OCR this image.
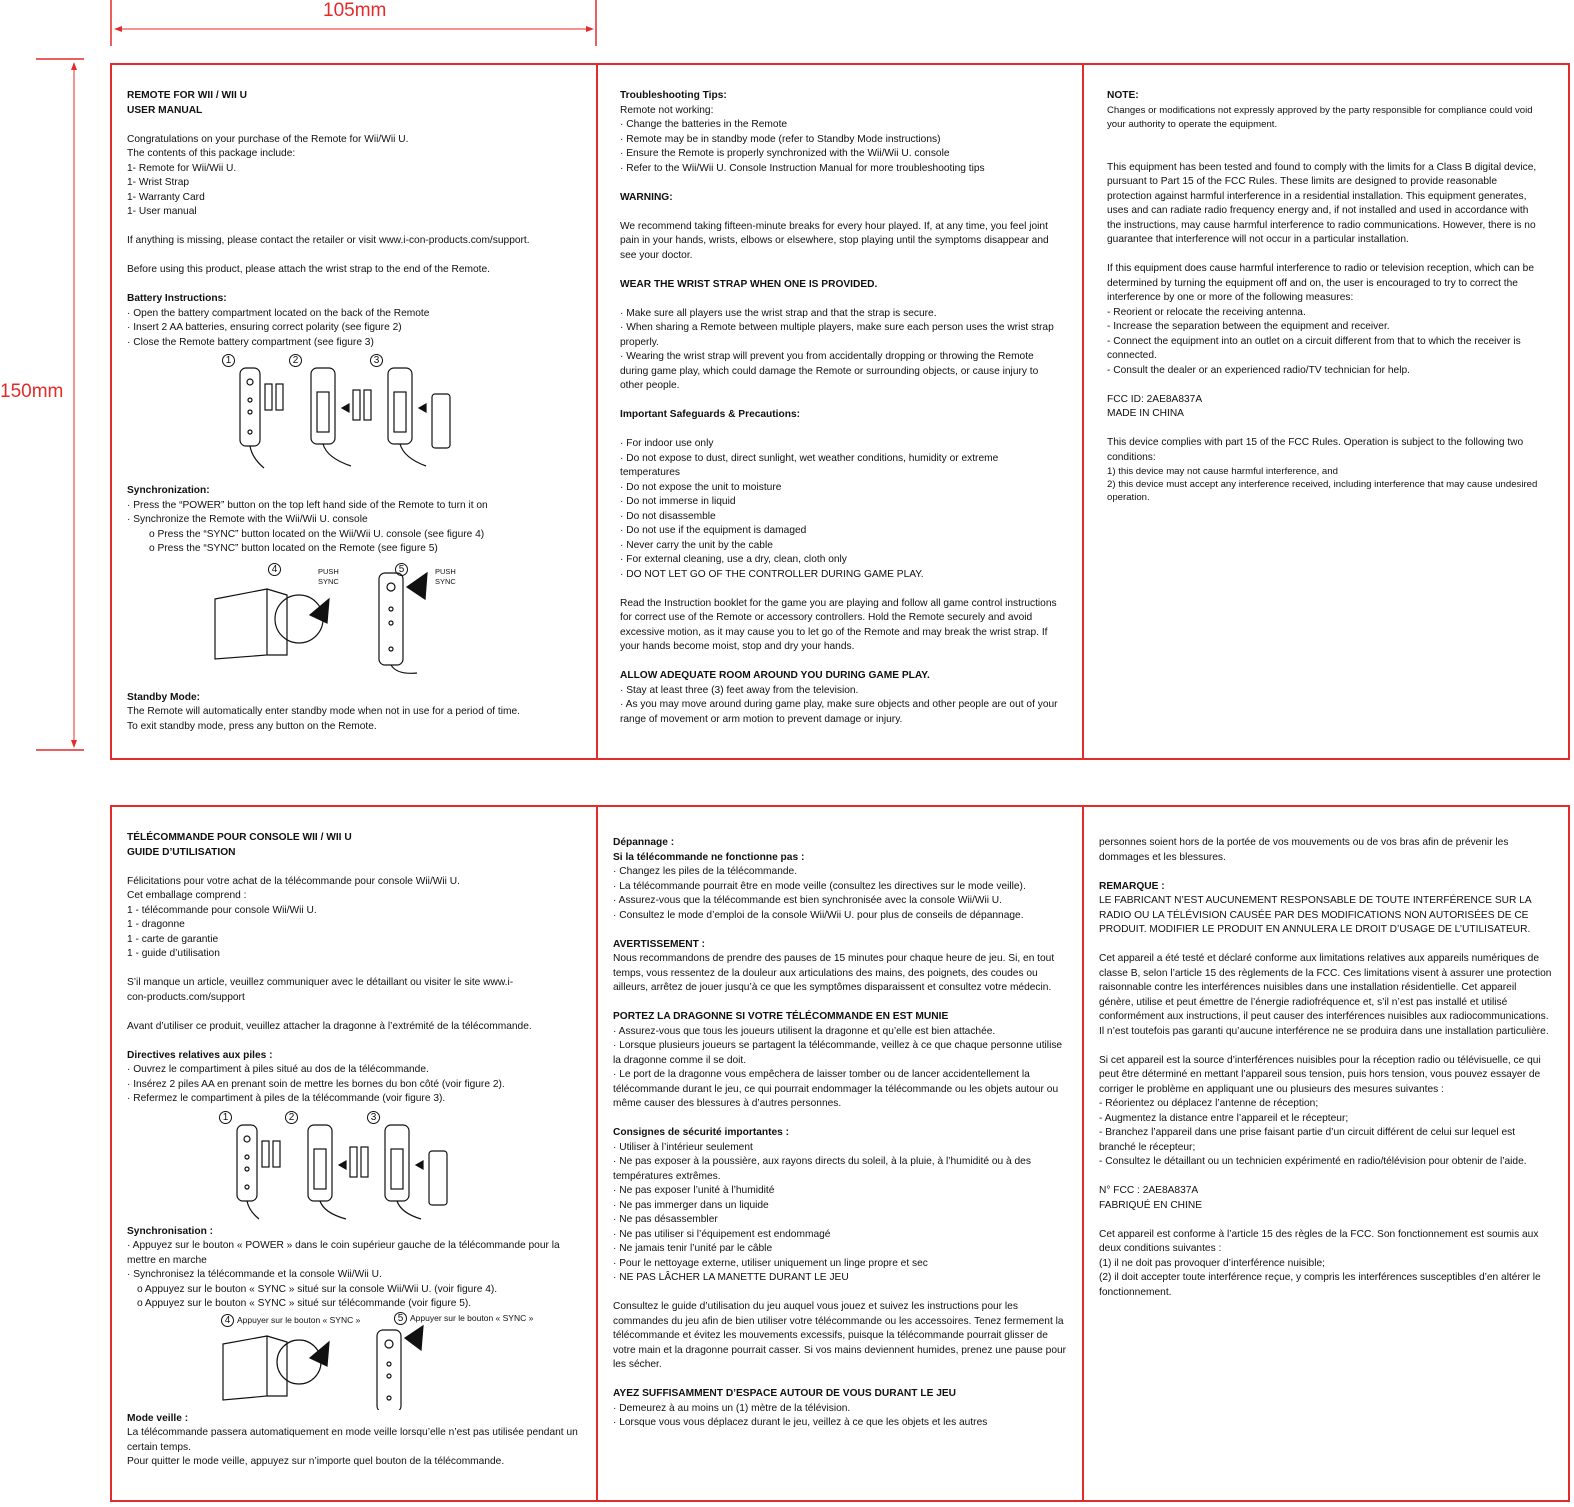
105mm
150mm

REMOTE FOR WII / WII U

USER MANUAL

Congratulations on your purchase of the Remote for Wii/Wii U.

The contents of this package include:

1- Remote for Wii/Wii U.

1- Wrist Strap

1- Warranty Card

1- User manual

If anything is missing, please contact the retailer or visit www.i-con-products.com/support.

Before using this product, please attach the wrist strap to the end of the Remote.

Battery Instructions:

· Open the battery compartment located on the back of the Remote

· Insert 2 AA batteries, ensuring correct polarity (see figure 2)

· Close the Remote battery compartment (see figure 3)

1	2	3

Synchronization:

· Press the “POWER” button on the top left hand side of the Remote to turn it on

· Synchronize the Remote with the Wii/Wii U. console

o Press the “SYNC” button located on the Wii/Wii U. console (see figure 4)

o Press the “SYNC” button located on the Remote (see figure 5)

4	5
PUSH
SYNC
PUSH
SYNC

Standby Mode:

The Remote will automatically enter standby mode when not in use for a period of time.

To exit standby mode, press any button on the Remote.

Troubleshooting Tips:

Remote not working:

· Change the batteries in the Remote

· Remote may be in standby mode (refer to Standby Mode instructions)

· Ensure the Remote is properly synchronized with the Wii/Wii U. console

· Refer to the Wii/Wii U. Console Instruction Manual for more troubleshooting tips

WARNING:

We recommend taking fifteen-minute breaks for every hour played. If, at any time, you feel joint pain in your hands, wrists, elbows or elsewhere, stop playing until the symptoms disappear and see your doctor.

WEAR THE WRIST STRAP WHEN ONE IS PROVIDED.

· Make sure all players use the wrist strap and that the strap is secure.

· When sharing a Remote between multiple players, make sure each person uses the wrist strap properly.

· Wearing the wrist strap will prevent you from accidentally dropping or throwing the Remote during game play, which could damage the Remote or surrounding objects, or cause injury to other people.

Important Safeguards & Precautions:

· For indoor use only

· Do not expose to dust, direct sunlight, wet weather conditions, humidity or extreme temperatures

· Do not expose the unit to moisture

· Do not immerse in liquid

· Do not disassemble

· Do not use if the equipment is damaged

· Never carry the unit by the cable

· For external cleaning, use a dry, clean, cloth only

· DO NOT LET GO OF THE CONTROLLER DURING GAME PLAY.

Read the Instruction booklet for the game you are playing and follow all game control instructions for correct use of the Remote or accessory controllers. Hold the Remote securely and avoid excessive motion, as it may cause you to let go of the Remote and may break the wrist strap. If your hands become moist, stop and dry your hands.

ALLOW ADEQUATE ROOM AROUND YOU DURING GAME PLAY.

· Stay at least three (3) feet away from the television.

· As you may move around during game play, make sure objects and other people are out of your range of movement or arm motion to prevent damage or injury.

NOTE:

Changes or modifications not expressly approved by the party responsible for compliance could void your authority to operate the equipment.

This equipment has been tested and found to comply with the limits for a Class B digital device, pursuant to Part 15 of the FCC Rules. These limits are designed to provide reasonable protection against harmful interference in a residential installation. This equipment generates, uses and can radiate radio frequency energy and, if not installed and used in accordance with the instructions, may cause harmful interference to radio communications. However, there is no guarantee that interference will not occur in a particular installation.

If this equipment does cause harmful interference to radio or television reception, which can be determined by turning the equipment off and on, the user is encouraged to try to correct the interference by one or more of the following measures:

- Reorient or relocate the receiving antenna.

- Increase the separation between the equipment and receiver.

- Connect the equipment into an outlet on a circuit different from that to which the receiver is connected.

- Consult the dealer or an experienced radio/TV technician for help.

FCC ID: 2AE8A837A

MADE IN CHINA

This device complies with part 15 of the FCC Rules. Operation is subject to the following two conditions:

1) this device may not cause harmful interference, and

2) this device must accept any interference received, including interference that may cause undesired operation.

TÉLÉCOMMANDE POUR CONSOLE WII / WII U

GUIDE D’UTILISATION

Félicitations pour votre achat de la télécommande pour console Wii/Wii U.

Cet emballage comprend :

1 - télécommande pour console Wii/Wii U.

1 - dragonne

1 - carte de garantie

1 - guide d’utilisation

S’il manque un article, veuillez communiquer avec le détaillant ou visiter le site www.i-con-products.com/support

Avant d’utiliser ce produit, veuillez attacher la dragonne à l’extrémité de la télécommande.

Directives relatives aux piles :

· Ouvrez le compartiment à piles situé au dos de la télécommande.

· Insérez 2 piles AA en prenant soin de mettre les bornes du bon côté (voir figure 2).

· Refermez le compartiment à piles de la télécommande (voir figure 3).

1	2	3

Synchronisation :

· Appuyez sur le bouton « POWER » dans le coin supérieur gauche de la télécommande pour la mettre en marche

· Synchronisez la télécommande et la console Wii/Wii U.

o Appuyez sur le bouton « SYNC » situé sur la console Wii/Wii U. (voir figure 4).

o Appuyez sur le bouton « SYNC » situé sur télécommande (voir figure 5).

4 Appuyer sur le bouton « SYNC »	5 Appuyer sur le bouton « SYNC »

Mode veille :

La télécommande passera automatiquement en mode veille lorsqu’elle n’est pas utilisée pendant un certain temps.

Pour quitter le mode veille, appuyez sur n’importe quel bouton de la télécommande.

Dépannage :

Si la télécommande ne fonctionne pas :

· Changez les piles de la télécommande.

· La télécommande pourrait être en mode veille (consultez les directives sur le mode veille).

· Assurez-vous que la télécommande est bien synchronisée avec la console Wii/Wii U.

· Consultez le mode d’emploi de la console Wii/Wii U. pour plus de conseils de dépannage.

AVERTISSEMENT :

Nous recommandons de prendre des pauses de 15 minutes pour chaque heure de jeu. Si, en tout temps, vous ressentez de la douleur aux articulations des mains, des poignets, des coudes ou ailleurs, arrêtez de jouer jusqu’à ce que les symptômes disparaissent et consultez votre médecin.

PORTEZ LA DRAGONNE SI VOTRE TÉLÉCOMMANDE EN EST MUNIE

· Assurez-vous que tous les joueurs utilisent la dragonne et qu’elle est bien attachée.

· Lorsque plusieurs joueurs se partagent la télécommande, veillez à ce que chaque personne utilise la dragonne comme il se doit.

· Le port de la dragonne vous empêchera de laisser tomber ou de lancer accidentellement la télécommande durant le jeu, ce qui pourrait endommager la télécommande ou les objets autour ou même causer des blessures à d’autres personnes.

Consignes de sécurité importantes :

· Utiliser à l’intérieur seulement

· Ne pas exposer à la poussière, aux rayons directs du soleil, à la pluie, à l’humidité ou à des températures extrêmes.

· Ne pas exposer l’unité à l’humidité

· Ne pas immerger dans un liquide

· Ne pas désassembler

· Ne pas utiliser si l’équipement est endommagé

· Ne jamais tenir l’unité par le câble

· Pour le nettoyage externe, utiliser uniquement un linge propre et sec

· NE PAS LÂCHER LA MANETTE DURANT LE JEU

Consultez le guide d’utilisation du jeu auquel vous jouez et suivez les instructions pour les commandes du jeu afin de bien utiliser votre télécommande ou les accessoires. Tenez fermement la télécommande et évitez les mouvements excessifs, puisque la télécommande pourrait glisser de votre main et la dragonne pourrait casser. Si vos mains deviennent humides, prenez une pause pour les sécher.

AYEZ SUFFISAMMENT D’ESPACE AUTOUR DE VOUS DURANT LE JEU

· Demeurez à au moins un (1) mètre de la télévision.

· Lorsque vous vous déplacez durant le jeu, veillez à ce que les objets et les autres

personnes soient hors de la portée de vos mouvements ou de vos bras afin de prévenir les dommages et les blessures.

REMARQUE :

LE FABRICANT N’EST AUCUNEMENT RESPONSABLE DE TOUTE INTERFÉRENCE SUR LA RADIO OU LA TÉLÉVISION CAUSÉE PAR DES MODIFICATIONS NON AUTORISÉES DE CE PRODUIT. MODIFIER LE PRODUIT EN ANNULERA LE DROIT D’USAGE DE L’UTILISATEUR.

Cet appareil a été testé et déclaré conforme aux limitations relatives aux appareils numériques de classe B, selon l’article 15 des règlements de la FCC. Ces limitations visent à assurer une protection raisonnable contre les interférences nuisibles dans une installation résidentielle. Cet appareil génère, utilise et peut émettre de l’énergie radiofréquence et, s’il n’est pas installé et utilisé conformément aux instructions, il peut causer des interférences nuisibles aux radiocommunications. Il n’est toutefois pas garanti qu’aucune interférence ne se produira dans une installation particulière.

Si cet appareil est la source d’interférences nuisibles pour la réception radio ou télévisuelle, ce qui peut être déterminé en mettant l’appareil sous tension, puis hors tension, vous pouvez essayer de corriger le problème en appliquant une ou plusieurs des mesures suivantes :

- Réorientez ou déplacez l’antenne de réception;

- Augmentez la distance entre l’appareil et le récepteur;

- Branchez l’appareil dans une prise faisant partie d’un circuit différent de celui sur lequel est branché le récepteur;

- Consultez le détaillant ou un technicien expérimenté en radio/télévision pour obtenir de l’aide.

N° FCC : 2AE8A837A

FABRIQUÉ EN CHINE

Cet appareil est conforme à l’article 15 des règles de la FCC. Son fonctionnement est soumis aux deux conditions suivantes :

(1) il ne doit pas provoquer d’interférence nuisible;

(2) il doit accepter toute interférence reçue, y compris les interférences susceptibles d’en altérer le fonctionnement.
